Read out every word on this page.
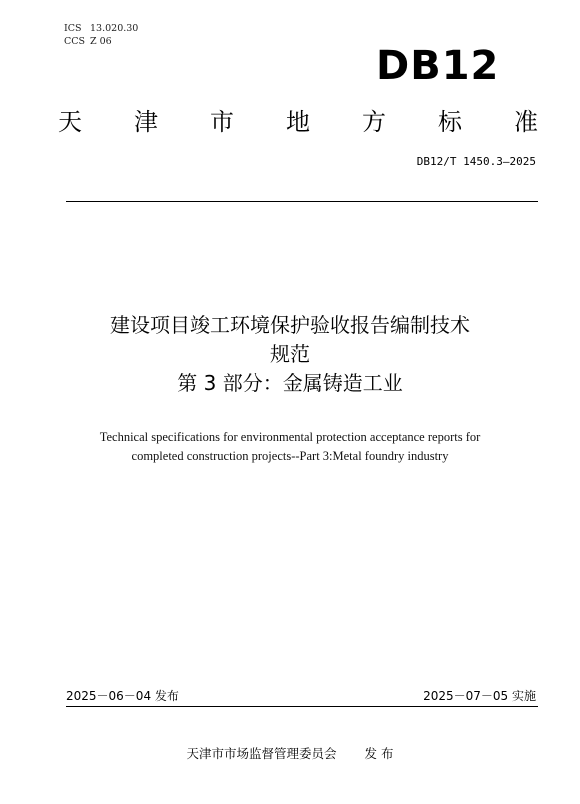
ICS 13.020.30
CCS Z 06
DB12
天 津 市 地 方 标 准
DB12/T 1450.3—2025
建设项目竣工环境保护验收报告编制技术
规范
第 3 部分：金属铸造工业
Technical specifications for environmental protection acceptance reports for
completed construction projects--Part 3:Metal foundry industry
2025－06－04 发布	2025－07－05 实施
天津市市场监督管理委员会 发 布
